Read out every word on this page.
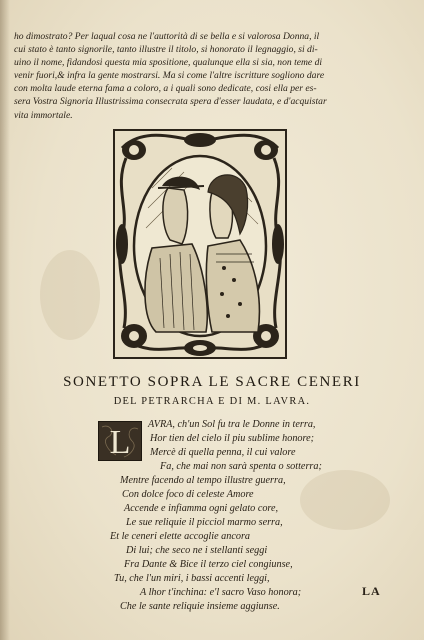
ho dimostrato? Per laqual cosa ne l'auttorità di se bella e si valorosa Donna, il
cui stato è tanto signorile, tanto illustre il titolo, si honorato il legnaggio, si di-
uino il nome, fidandosi questa mia spositione, qualunque ella si sia, non teme di
venir fuori,& infra la gente mostrarsi. Ma si come l'altre iscritture sogliono dare
con molta laude eterna fama a coloro, a i quali sono dedicate, cosi ella per es-
sera Vostra Signoria Illustrissima consecrata spera d'esser laudata, e d'acquistar
vita immortale.
SONETTO SOPRA LE SACRE CENERI
DEL PETRARCHA E DI M. LAVRA.
L AVRA, ch'un Sol fu tra le Donne in terra,
Hor tien del cielo il piu sublime honore;
Mercè di quella penna, il cui valore
Fa, che mai non sarà spenta o sotterra;
Mentre facendo al tempo illustre guerra,
Con dolce foco di celeste Amore
Accende e infiamma ogni gelato core,
Le sue reliquie il picciol marmo serra,
Et le ceneri elette accoglie ancora
Di lui; che seco ne i stellanti seggi
Fra Dante & Bice il terzo ciel congiunse,
Tu, che l'un miri, i bassi accenti leggi,
A lhor t'inchina: e'l sacro Vaso honora;
Che le sante reliquie insieme aggiunse.
LA
